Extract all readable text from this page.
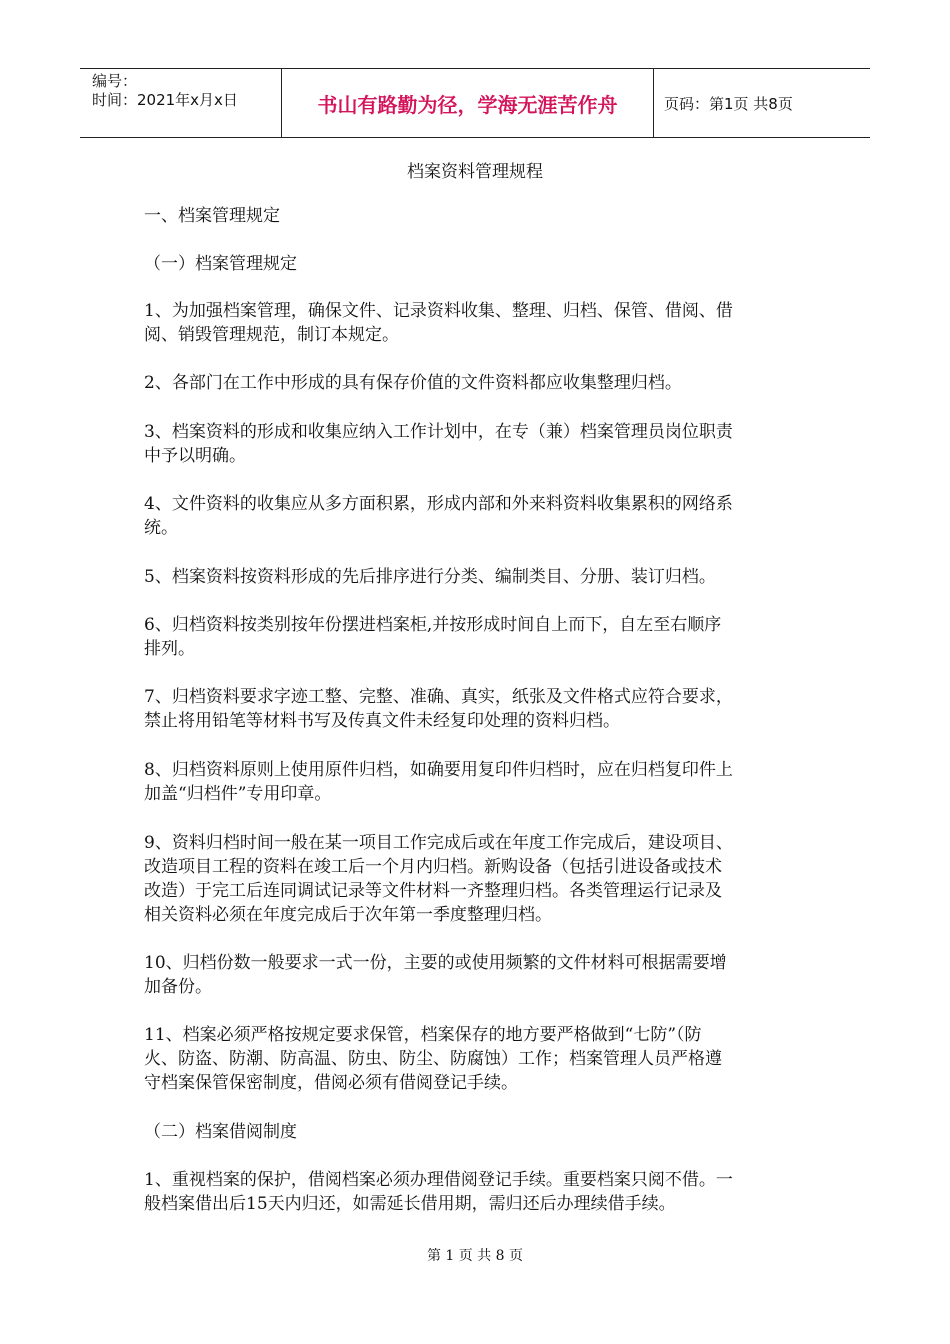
编号：
时间：2021年x月x日	书山有路勤为径，学海无涯苦作舟	页码：第1页 共8页
档案资料管理规程

一、档案管理规定

（一）档案管理规定

1、为加强档案管理，确保文件、记录资料收集、整理、归档、保管、借阅、借

阅、销毁管理规范，制订本规定。

2、各部门在工作中形成的具有保存价值的文件资料都应收集整理归档。

3、档案资料的形成和收集应纳入工作计划中，在专（兼）档案管理员岗位职责

中予以明确。

4、文件资料的收集应从多方面积累，形成内部和外来料资料收集累积的网络系

统。

5、档案资料按资料形成的先后排序进行分类、编制类目、分册、装订归档。

6、归档资料按类别按年份摆进档案柜,并按形成时间自上而下，自左至右顺序

排列。

7、归档资料要求字迹工整、完整、准确、真实，纸张及文件格式应符合要求，

禁止将用铅笔等材料书写及传真文件未经复印处理的资料归档。

8、归档资料原则上使用原件归档，如确要用复印件归档时，应在归档复印件上

加盖“归档件”专用印章。

9、资料归档时间一般在某一项目工作完成后或在年度工作完成后，建设项目、

改造项目工程的资料在竣工后一个月内归档。新购设备（包括引进设备或技术

改造）于完工后连同调试记录等文件材料一齐整理归档。各类管理运行记录及

相关资料必须在年度完成后于次年第一季度整理归档。

10、归档份数一般要求一式一份，主要的或使用频繁的文件材料可根据需要增

加备份。

11、档案必须严格按规定要求保管，档案保存的地方要严格做到“七防”（防

火、防盗、防潮、防高温、防虫、防尘、防腐蚀）工作；档案管理人员严格遵

守档案保管保密制度，借阅必须有借阅登记手续。

（二）档案借阅制度

1、重视档案的保护，借阅档案必须办理借阅登记手续。重要档案只阅不借。一

般档案借出后15天内归还，如需延长借用期，需归还后办理续借手续。

第 1 页 共 8 页
